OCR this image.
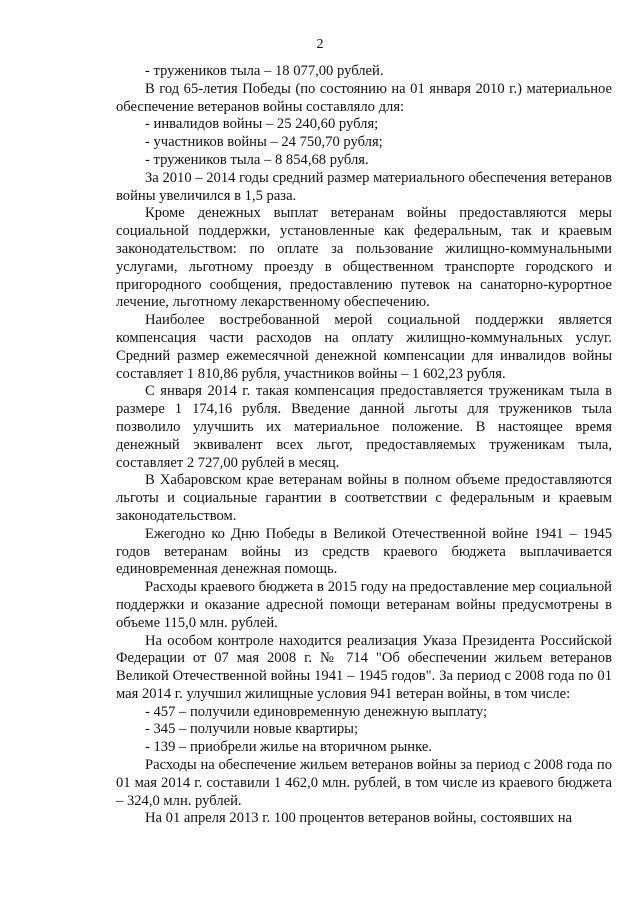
2

- тружеников тыла – 18 077,00 рублей.

В год 65-летия Победы (по состоянию на 01 января 2010 г.) материальное обеспечение ветеранов войны составляло для:

- инвалидов войны – 25 240,60 рубля;

- участников войны – 24 750,70 рубля;

- тружеников тыла – 8 854,68 рубля.

За 2010 – 2014 годы средний размер материального обеспечения ветеранов войны увеличился в 1,5 раза.

Кроме денежных выплат ветеранам войны предоставляются меры социальной поддержки, установленные как федеральным, так и краевым законодательством: по оплате за пользование жилищно-коммунальными услугами, льготному проезду в общественном транспорте городского и пригородного сообщения, предоставлению путевок на санаторно-курортное лечение, льготному лекарственному обеспечению.

Наиболее востребованной мерой социальной поддержки является компенсация части расходов на оплату жилищно-коммунальных услуг. Средний размер ежемесячной денежной компенсации для инвалидов войны составляет 1 810,86 рубля, участников войны – 1 602,23 рубля.

С января 2014 г. такая компенсация предоставляется труженикам тыла в размере 1 174,16 рубля. Введение данной льготы для тружеников тыла позволило улучшить их материальное положение. В настоящее время денежный эквивалент всех льгот, предоставляемых труженикам тыла, составляет 2 727,00 рублей в месяц.

В Хабаровском крае ветеранам войны в полном объеме предоставляются льготы и социальные гарантии в соответствии с федеральным и краевым законодательством.

Ежегодно ко Дню Победы в Великой Отечественной войне 1941 – 1945 годов ветеранам войны из средств краевого бюджета выплачивается единовременная денежная помощь.

Расходы краевого бюджета в 2015 году на предоставление мер социальной поддержки и оказание адресной помощи ветеранам войны предусмотрены в объеме 115,0 млн. рублей.

На особом контроле находится реализация Указа Президента Российской Федерации от 07 мая 2008 г. № 714 "Об обеспечении жильем ветеранов Великой Отечественной войны 1941 – 1945 годов". За период с 2008 года по 01 мая 2014 г. улучшил жилищные условия 941 ветеран войны, в том числе:

- 457 – получили единовременную денежную выплату;

- 345 – получили новые квартиры;

- 139 – приобрели жилье на вторичном рынке.

Расходы на обеспечение жильем ветеранов войны за период с 2008 года по 01 мая 2014 г. составили 1 462,0 млн. рублей, в том числе из краевого бюджета – 324,0 млн. рублей.

На 01 апреля 2013 г. 100 процентов ветеранов войны, состоявших на
